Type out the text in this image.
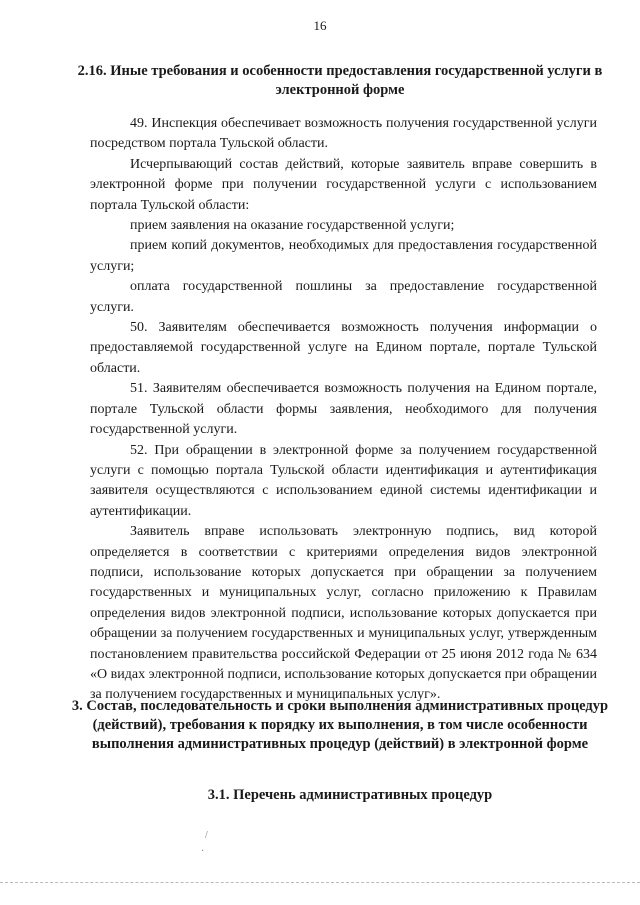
16
2.16. Иные требования и особенности предоставления государственной услуги в электронной форме

49. Инспекция обеспечивает возможность получения государственной услуги посредством портала Тульской области.

Исчерпывающий состав действий, которые заявитель вправе совершить в электронной форме при получении государственной услуги с использованием портала Тульской области:

прием заявления на оказание государственной услуги;

прием копий документов, необходимых для предоставления государственной услуги;

оплата государственной пошлины за предоставление государственной услуги.

50. Заявителям обеспечивается возможность получения информации о предоставляемой государственной услуге на Едином портале, портале Тульской области.

51. Заявителям обеспечивается возможность получения на Едином портале, портале Тульской области формы заявления, необходимого для получения государственной услуги.

52. При обращении в электронной форме за получением государственной услуги с помощью портала Тульской области идентификация и аутентификация заявителя осуществляются с использованием единой системы идентификации и аутентификации.

Заявитель вправе использовать электронную подпись, вид которой определяется в соответствии с критериями определения видов электронной подписи, использование которых допускается при обращении за получением государственных и муниципальных услуг, согласно приложению к Правилам определения видов электронной подписи, использование которых допускается при обращении за получением государственных и муниципальных услуг, утвержденным постановлением правительства российской Федерации от 25 июня 2012 года № 634 «О видах электронной подписи, использование которых допускается при обращении за получением государственных и муниципальных услуг».

3. Состав, последовательность и сроки выполнения административных процедур (действий), требования к порядку их выполнения, в том числе особенности выполнения административных процедур (действий) в электронной форме
3.1. Перечень административных процедур
/
·
